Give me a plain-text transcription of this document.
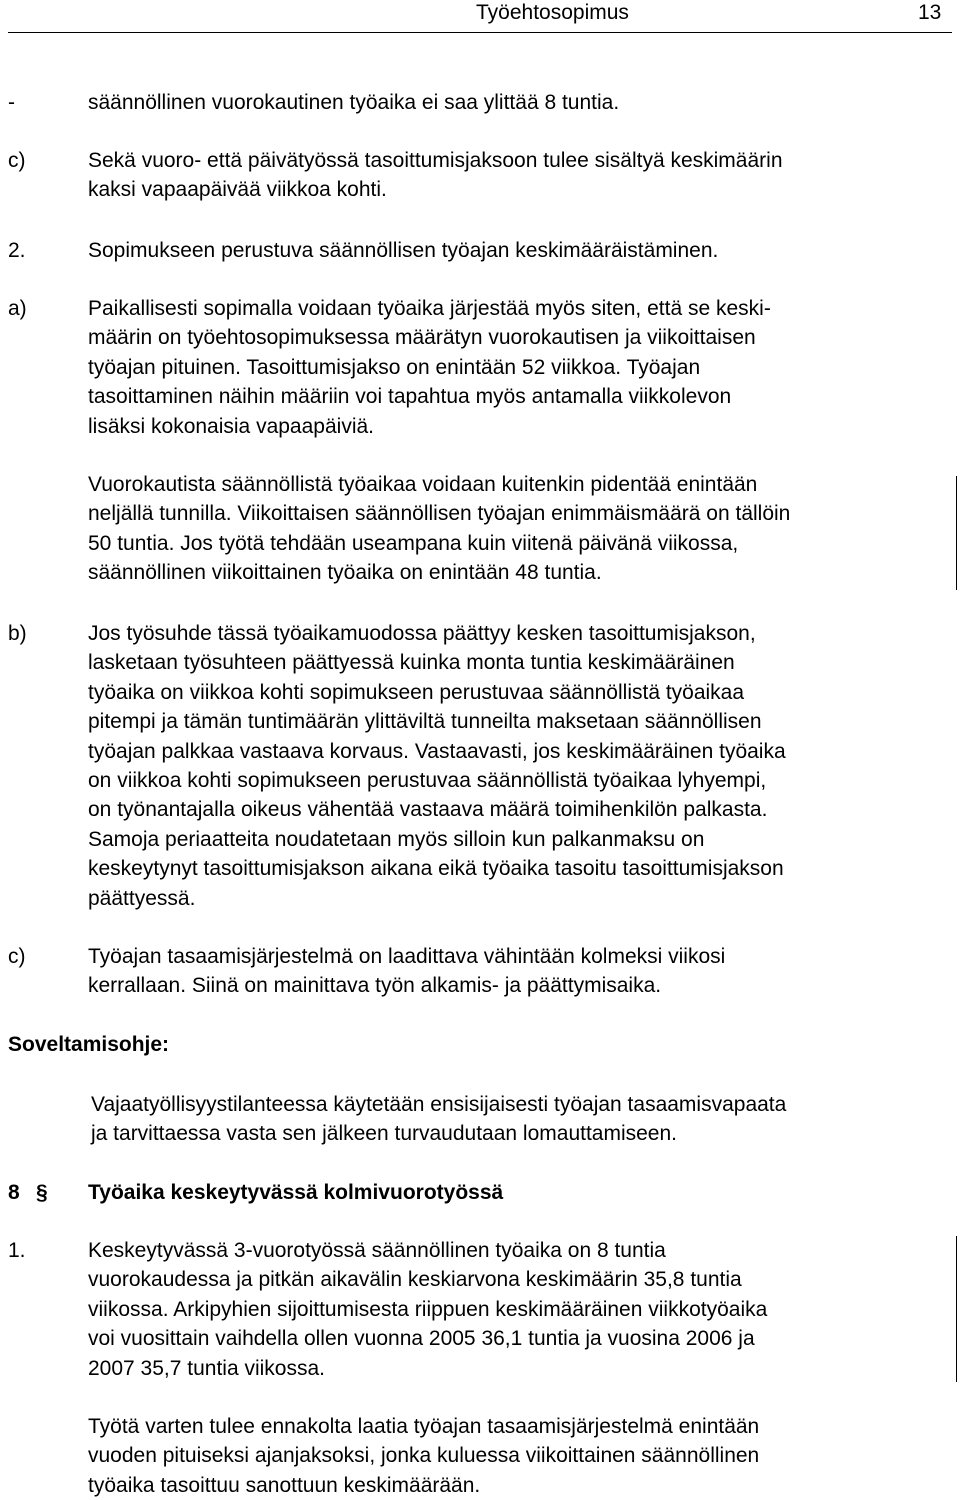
Työehtosopimus	13
-	säännöllinen vuorokautinen työaika ei saa ylittää 8 tuntia.
c)	Sekä vuoro- että päivätyössä tasoittumisjaksoon tulee sisältyä keskimäärin
kaksi vapaapäivää viikkoa kohti.
2.	Sopimukseen perustuva säännöllisen työajan keskimääräistäminen.
a)	Paikallisesti sopimalla voidaan työaika järjestää myös siten, että se keski-
määrin on työehtosopimuksessa määrätyn vuorokautisen ja viikoittaisen
työajan pituinen. Tasoittumisjakso on enintään 52 viikkoa. Työajan
tasoittaminen näihin määriin voi tapahtua myös antamalla viikkolevon
lisäksi kokonaisia vapaapäiviä.
Vuorokautista säännöllistä työaikaa voidaan kuitenkin pidentää enintään
neljällä tunnilla. Viikoittaisen säännöllisen työajan enimmäismäärä on tällöin
50 tuntia. Jos työtä tehdään useampana kuin viitenä päivänä viikossa,
säännöllinen viikoittainen työaika on enintään 48 tuntia.
b)	Jos työsuhde tässä työaikamuodossa päättyy kesken tasoittumisjakson,
lasketaan työsuhteen päättyessä kuinka monta tuntia keskimääräinen
työaika on viikkoa kohti sopimukseen perustuvaa säännöllistä työaikaa
pitempi ja tämän tuntimäärän ylittäviltä tunneilta maksetaan säännöllisen
työajan palkkaa vastaava korvaus. Vastaavasti, jos keskimääräinen työaika
on viikkoa kohti sopimukseen perustuvaa säännöllistä työaikaa lyhyempi,
on työnantajalla oikeus vähentää vastaava määrä toimihenkilön palkasta.
Samoja periaatteita noudatetaan myös silloin kun palkanmaksu on
keskeytynyt tasoittumisjakson aikana eikä työaika tasoitu tasoittumisjakson
päättyessä.
c)	Työajan tasaamisjärjestelmä on laadittava vähintään kolmeksi viikosi
kerrallaan. Siinä on mainittava työn alkamis- ja päättymisaika.
Soveltamisohje:
Vajaatyöllisyystilanteessa käytetään ensisijaisesti työajan tasaamisvapaata
ja tarvittaessa vasta sen jälkeen turvaudutaan lomauttamiseen.
8 § Työaika keskeytyvässä kolmivuorotyössä
1.	Keskeytyvässä 3-vuorotyössä säännöllinen työaika on 8 tuntia
vuorokaudessa ja pitkän aikavälin keskiarvona keskimäärin 35,8 tuntia
viikossa. Arkipyhien sijoittumisesta riippuen keskimääräinen viikkotyöaika
voi vuosittain vaihdella ollen vuonna 2005 36,1 tuntia ja vuosina 2006 ja
2007 35,7 tuntia viikossa.
Työtä varten tulee ennakolta laatia työajan tasaamisjärjestelmä enintään
vuoden pituiseksi ajanjaksoksi, jonka kuluessa viikoittainen säännöllinen
työaika tasoittuu sanottuun keskimäärään.
